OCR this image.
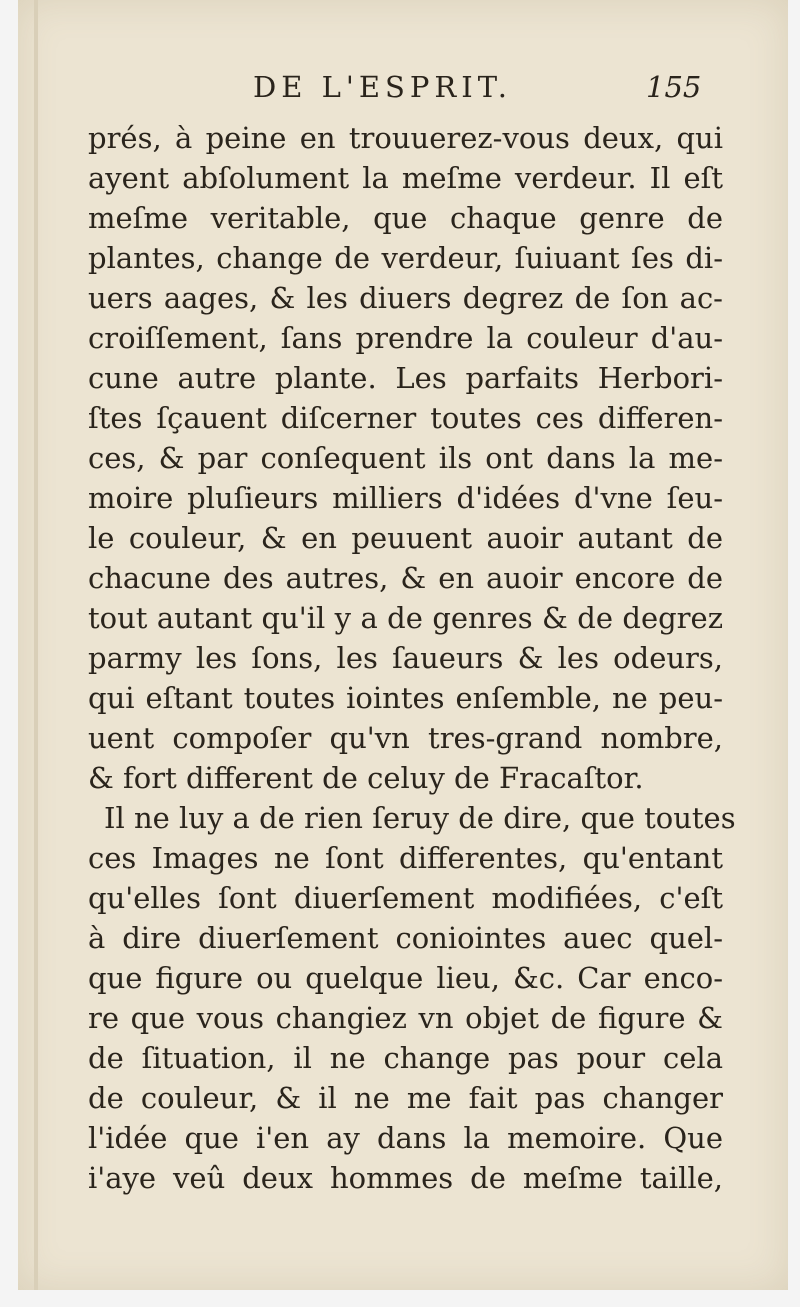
DE L'ESPRIT.	155
prés, à peine en trouuerez-vous deux, qui
ayent abſolument la meſme verdeur. Il eſt
meſme veritable, que chaque genre de
plantes, change de verdeur, ſuiuant ſes di-
uers aages, & les diuers degrez de ſon ac-
croiſſement, ſans prendre la couleur d'au-
cune autre plante. Les parfaits Herbori-
ſtes ſçauent diſcerner toutes ces differen-
ces, & par conſequent ils ont dans la me-
moire pluſieurs milliers d'idées d'vne ſeu-
le couleur, & en peuuent auoir autant de
chacune des autres, & en auoir encore de
tout autant qu'il y a de genres & de degrez
parmy les ſons, les ſaueurs & les odeurs,
qui eſtant toutes iointes enſemble, ne peu-
uent compoſer qu'vn tres-grand nombre,
& fort different de celuy de Fracaſtor.
Il ne luy a de rien ſeruy de dire, que toutes
ces Images ne ſont differentes, qu'entant
qu'elles ſont diuerſement modifiées, c'eſt
à dire diuerſement coniointes auec quel-
que figure ou quelque lieu, &c. Car enco-
re que vous changiez vn objet de figure &
de ſituation, il ne change pas pour cela
de couleur, & il ne me fait pas changer
l'idée que i'en ay dans la memoire. Que
i'aye veû deux hommes de meſme taille,
